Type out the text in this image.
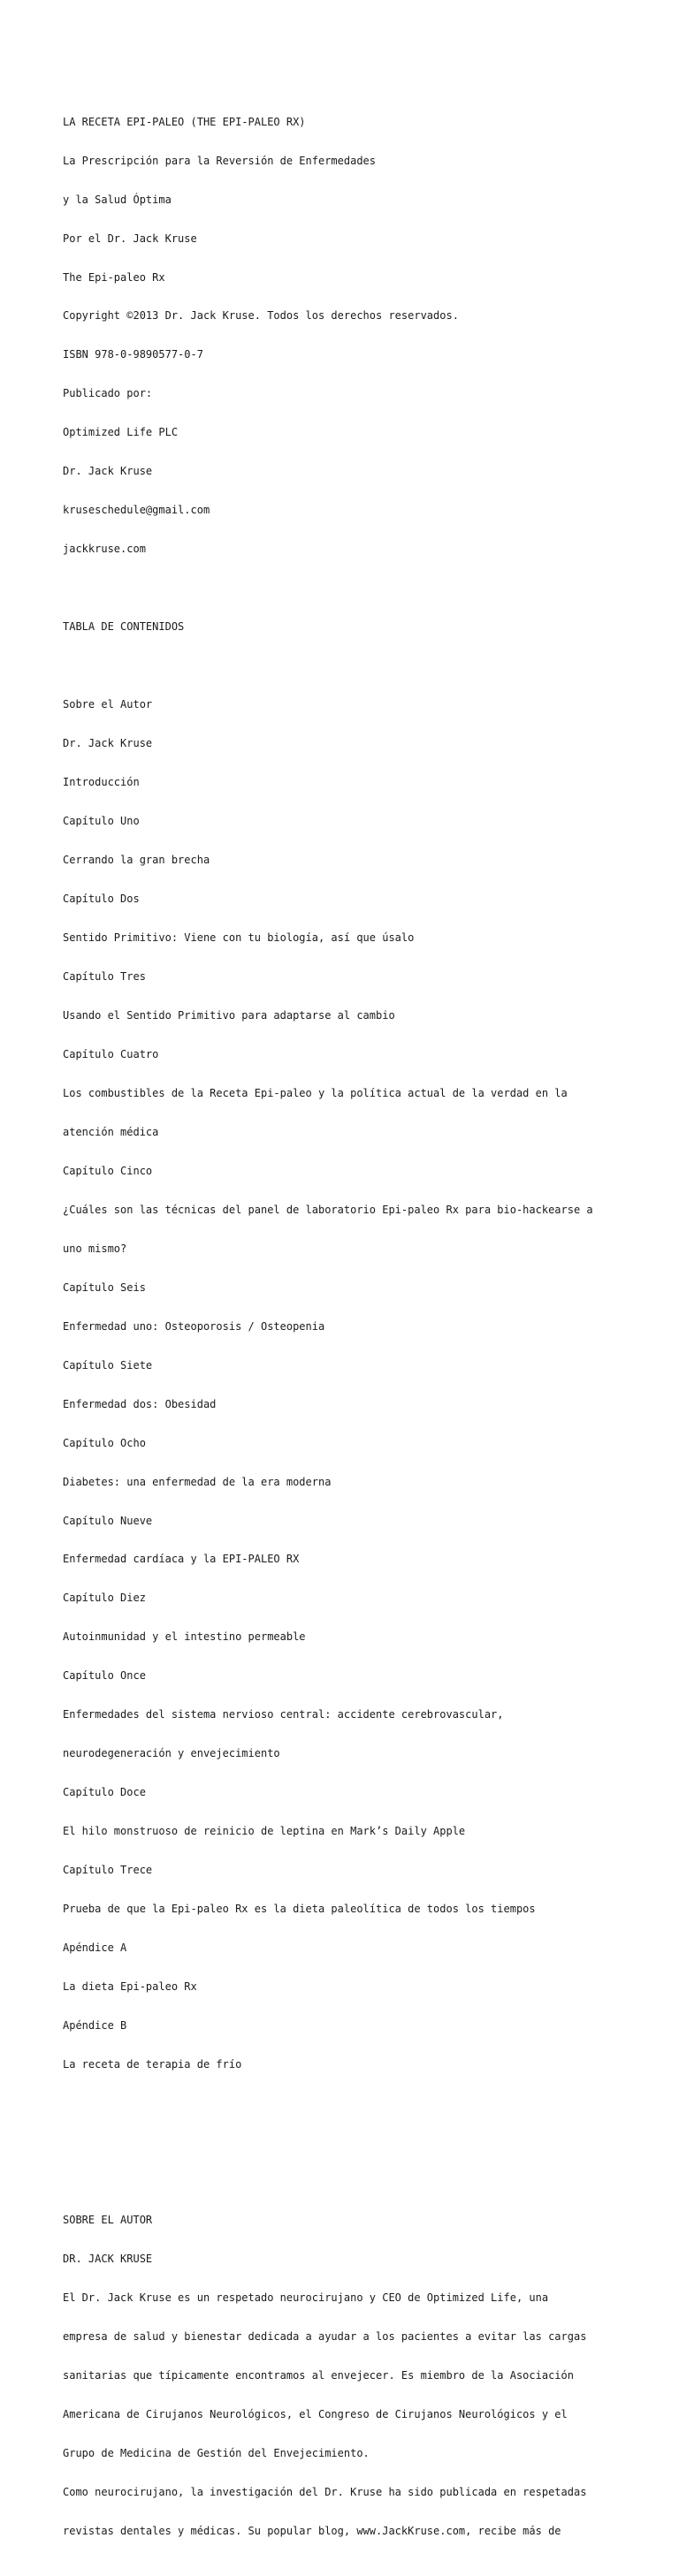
LA RECETA EPI-PALEO (THE EPI-PALEO RX)

La Prescripción para la Reversión de Enfermedades

y la Salud Óptima

Por el Dr. Jack Kruse

The Epi-paleo Rx

Copyright ©2013 Dr. Jack Kruse. Todos los derechos reservados.

ISBN 978-0-9890577-0-7

Publicado por:

Optimized Life PLC

Dr. Jack Kruse

kruseschedule@gmail.com

jackkruse.com

TABLA DE CONTENIDOS

Sobre el Autor

Dr. Jack Kruse

Introducción

Capítulo Uno

Cerrando la gran brecha

Capítulo Dos

Sentido Primitivo: Viene con tu biología, así que úsalo

Capítulo Tres

Usando el Sentido Primitivo para adaptarse al cambio

Capítulo Cuatro

Los combustibles de la Receta Epi-paleo y la política actual de la verdad en la

atención médica

Capítulo Cinco

¿Cuáles son las técnicas del panel de laboratorio Epi-paleo Rx para bio-hackearse a

uno mismo?

Capítulo Seis

Enfermedad uno: Osteoporosis / Osteopenia

Capítulo Siete

Enfermedad dos: Obesidad

Capítulo Ocho

Diabetes: una enfermedad de la era moderna

Capítulo Nueve

Enfermedad cardíaca y la EPI-PALEO RX

Capítulo Diez

Autoinmunidad y el intestino permeable

Capítulo Once

Enfermedades del sistema nervioso central: accidente cerebrovascular,

neurodegeneración y envejecimiento

Capítulo Doce

El hilo monstruoso de reinicio de leptina en Mark’s Daily Apple

Capítulo Trece

Prueba de que la Epi-paleo Rx es la dieta paleolítica de todos los tiempos

Apéndice A

La dieta Epi-paleo Rx

Apéndice B

La receta de terapia de frío

SOBRE EL AUTOR

DR. JACK KRUSE

El Dr. Jack Kruse es un respetado neurocirujano y CEO de Optimized Life, una

empresa de salud y bienestar dedicada a ayudar a los pacientes a evitar las cargas

sanitarias que típicamente encontramos al envejecer. Es miembro de la Asociación

Americana de Cirujanos Neurológicos, el Congreso de Cirujanos Neurológicos y el

Grupo de Medicina de Gestión del Envejecimiento.

Como neurocirujano, la investigación del Dr. Kruse ha sido publicada en respetadas

revistas dentales y médicas. Su popular blog, www.JackKruse.com, recibe más de
